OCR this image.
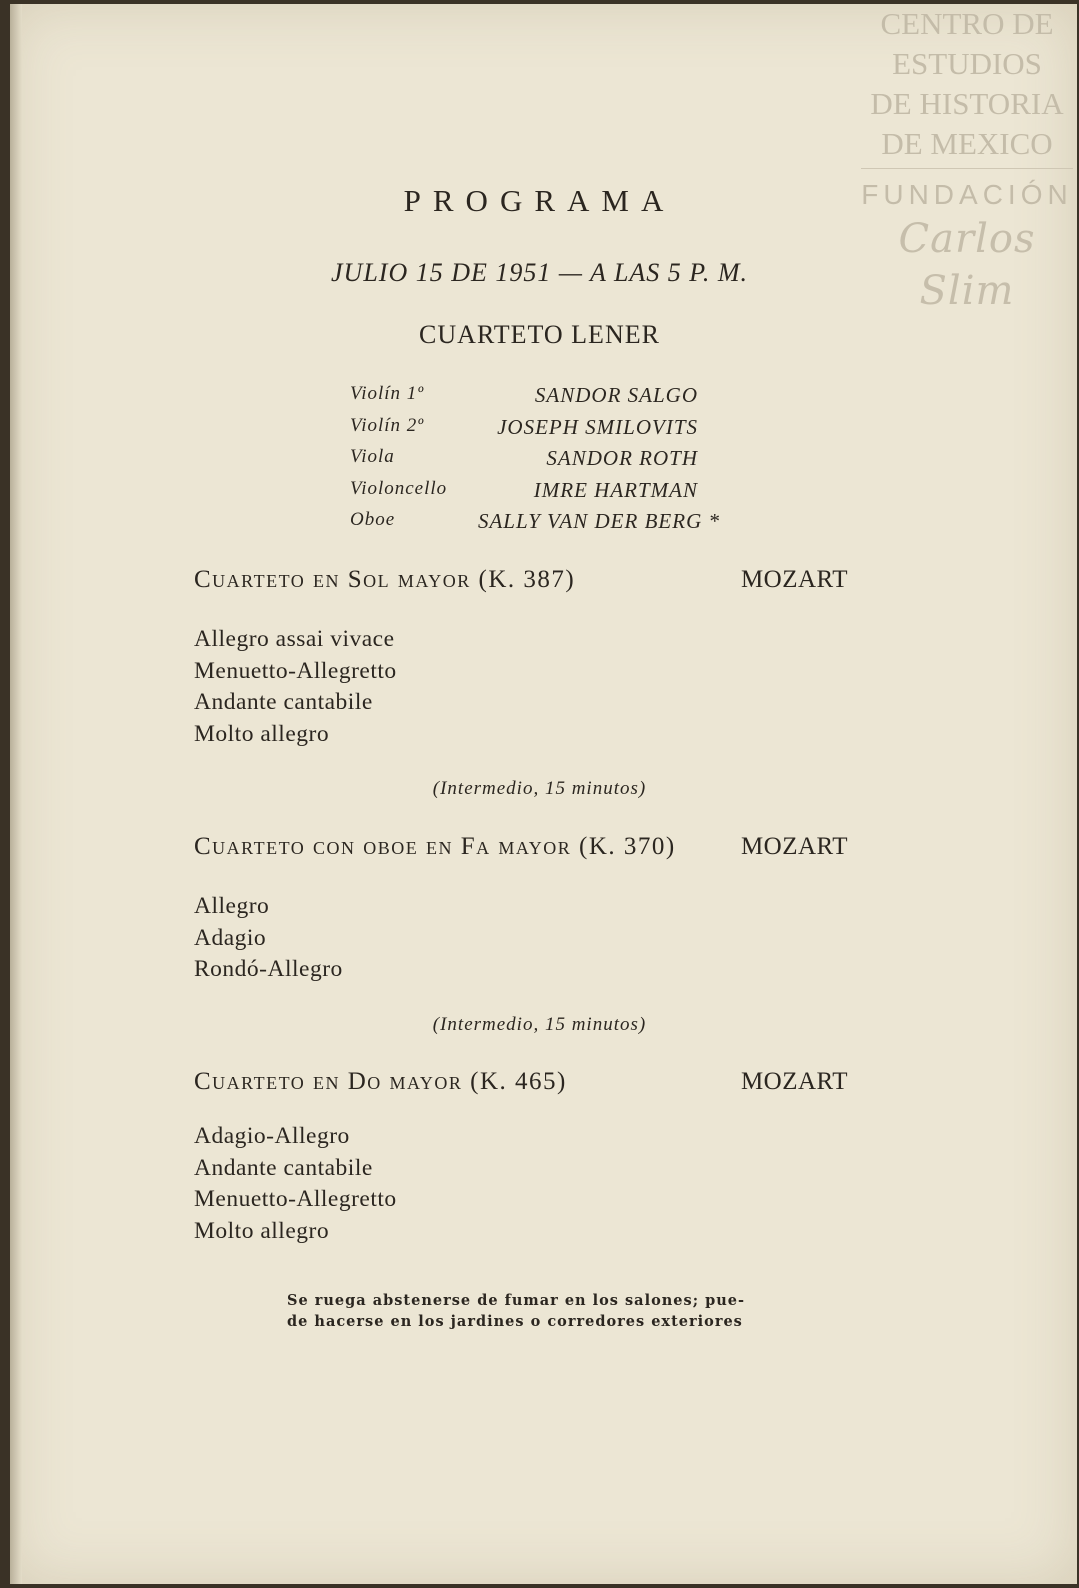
CENTRO DE
ESTUDIOS
DE HISTORIA
DE MEXICO
FUNDACIÓN
Carlos Slim
PROGRAMA
JULIO 15 DE 1951 — A LAS 5 P. M.
CUARTETO LENER
Violín 1º	SANDOR SALGO
Violín 2º	JOSEPH SMILOVITS
Viola	SANDOR ROTH
Violoncello	IMRE HARTMAN
Oboe	SALLY VAN DER BERG *
Cuarteto en Sol mayor (K. 387)	MOZART
Allegro assai vivace
Menuetto-Allegretto
Andante cantabile
Molto allegro
(Intermedio, 15 minutos)
Cuarteto con oboe en Fa mayor (K. 370)	MOZART
Allegro
Adagio
Rondó-Allegro
(Intermedio, 15 minutos)
Cuarteto en Do mayor (K. 465)	MOZART
Adagio-Allegro
Andante cantabile
Menuetto-Allegretto
Molto allegro
Se ruega abstenerse de fumar en los salones; pue-
de hacerse en los jardines o corredores exteriores
